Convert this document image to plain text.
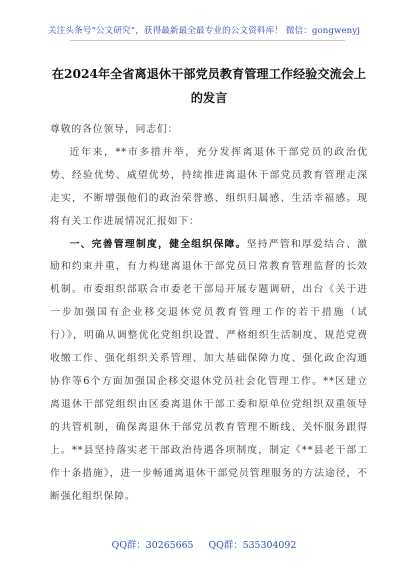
关注头条号“公文研究”，获得最新最全最专业的公文资料库！ 微信：gongwenyj
在2024年全省离退休干部党员教育管理工作经验交流会上的发言

尊敬的各位领导，同志们：

近年来，**市多措并举，充分发挥离退休干部党员的政治优势、经验优势、威望优势，持续推进离退休干部党员教育管理走深走实，不断增强他们的政治荣誉感、组织归属感、生活幸福感。现将有关工作进展情况汇报如下：

一、完善管理制度，健全组织保障。坚持严管和厚爱结合、激励和约束并重，有力构建离退休干部党员日常教育管理监督的长效机制。市委组织部联合市委老干部局开展专题调研，出台《关于进一步加强国有企业移交退休党员教育管理工作的若干措施（试行）》，明确从调整优化党组织设置、严格组织生活制度、规范党费收缴工作、强化组织关系管理、加大基础保障力度、强化政企沟通协作等6个方面加强国企移交退休党员社会化管理工作。**区建立离退休干部党组织由区委离退休干部工委和原单位党组织双重领导的共管机制，确保离退休干部党员教育管理不断线、关怀服务跟得上。**县坚持落实老干部政治待遇各项制度，制定《**县老干部工作十条措施》，进一步畅通离退休干部党员管理服务的方法途径，不断强化组织保障。

QQ群：30265665 QQ群：535304092
